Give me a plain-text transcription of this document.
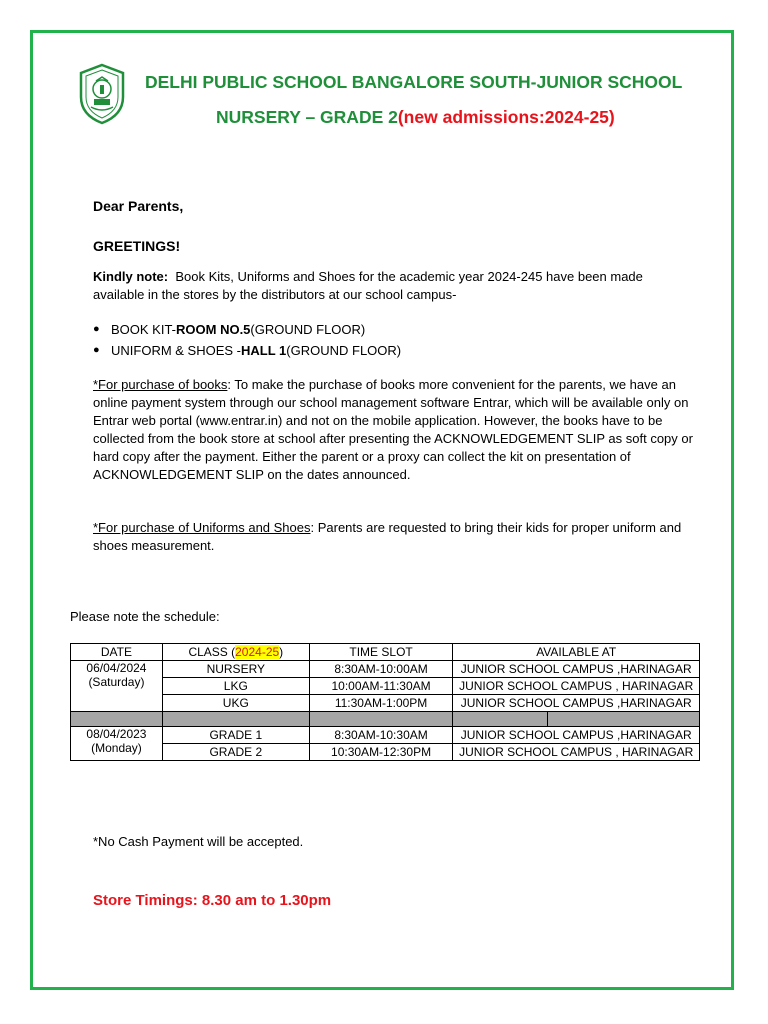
DELHI PUBLIC SCHOOL BANGALORE SOUTH-JUNIOR SCHOOL
NURSERY – GRADE 2(new admissions:2024-25)
Dear Parents,
GREETINGS!
Kindly note: Book Kits, Uniforms and Shoes for the academic year 2024-245 have been made available in the stores by the distributors at our school campus-
● BOOK KIT- ROOM NO.5 (GROUND FLOOR)
● UNIFORM & SHOES - HALL 1 (GROUND FLOOR)
*For purchase of books: To make the purchase of books more convenient for the parents, we have an online payment system through our school management software Entrar, which will be available only on Entrar web portal (www.entrar.in) and not on the mobile application. However, the books have to be collected from the book store at school after presenting the ACKNOWLEDGEMENT SLIP as soft copy or hard copy after the payment. Either the parent or a proxy can collect the kit on presentation of ACKNOWLEDGEMENT SLIP on the dates announced.
*For purchase of Uniforms and Shoes: Parents are requested to bring their kids for proper uniform and shoes measurement.
Please note the schedule:
DATE	CLASS (2024-25)	TIME SLOT	AVAILABLE AT	

06/04/2024
(Saturday)	NURSERY	8:30AM-10:00AM	JUNIOR SCHOOL CAMPUS ,HARINAGAR	
	LKG	10:00AM-11:30AM	JUNIOR SCHOOL CAMPUS , HARINAGAR	
	UKG	11:30AM-1:00PM	JUNIOR SCHOOL CAMPUS ,HARINAGAR	

08/04/2023
(Monday)	GRADE 1	8:30AM-10:30AM	JUNIOR SCHOOL CAMPUS ,HARINAGAR	
	GRADE 2	10:30AM-12:30PM	JUNIOR SCHOOL CAMPUS , HARINAGAR	
*No Cash Payment will be accepted.
Store Timings: 8.30 am to 1.30pm
